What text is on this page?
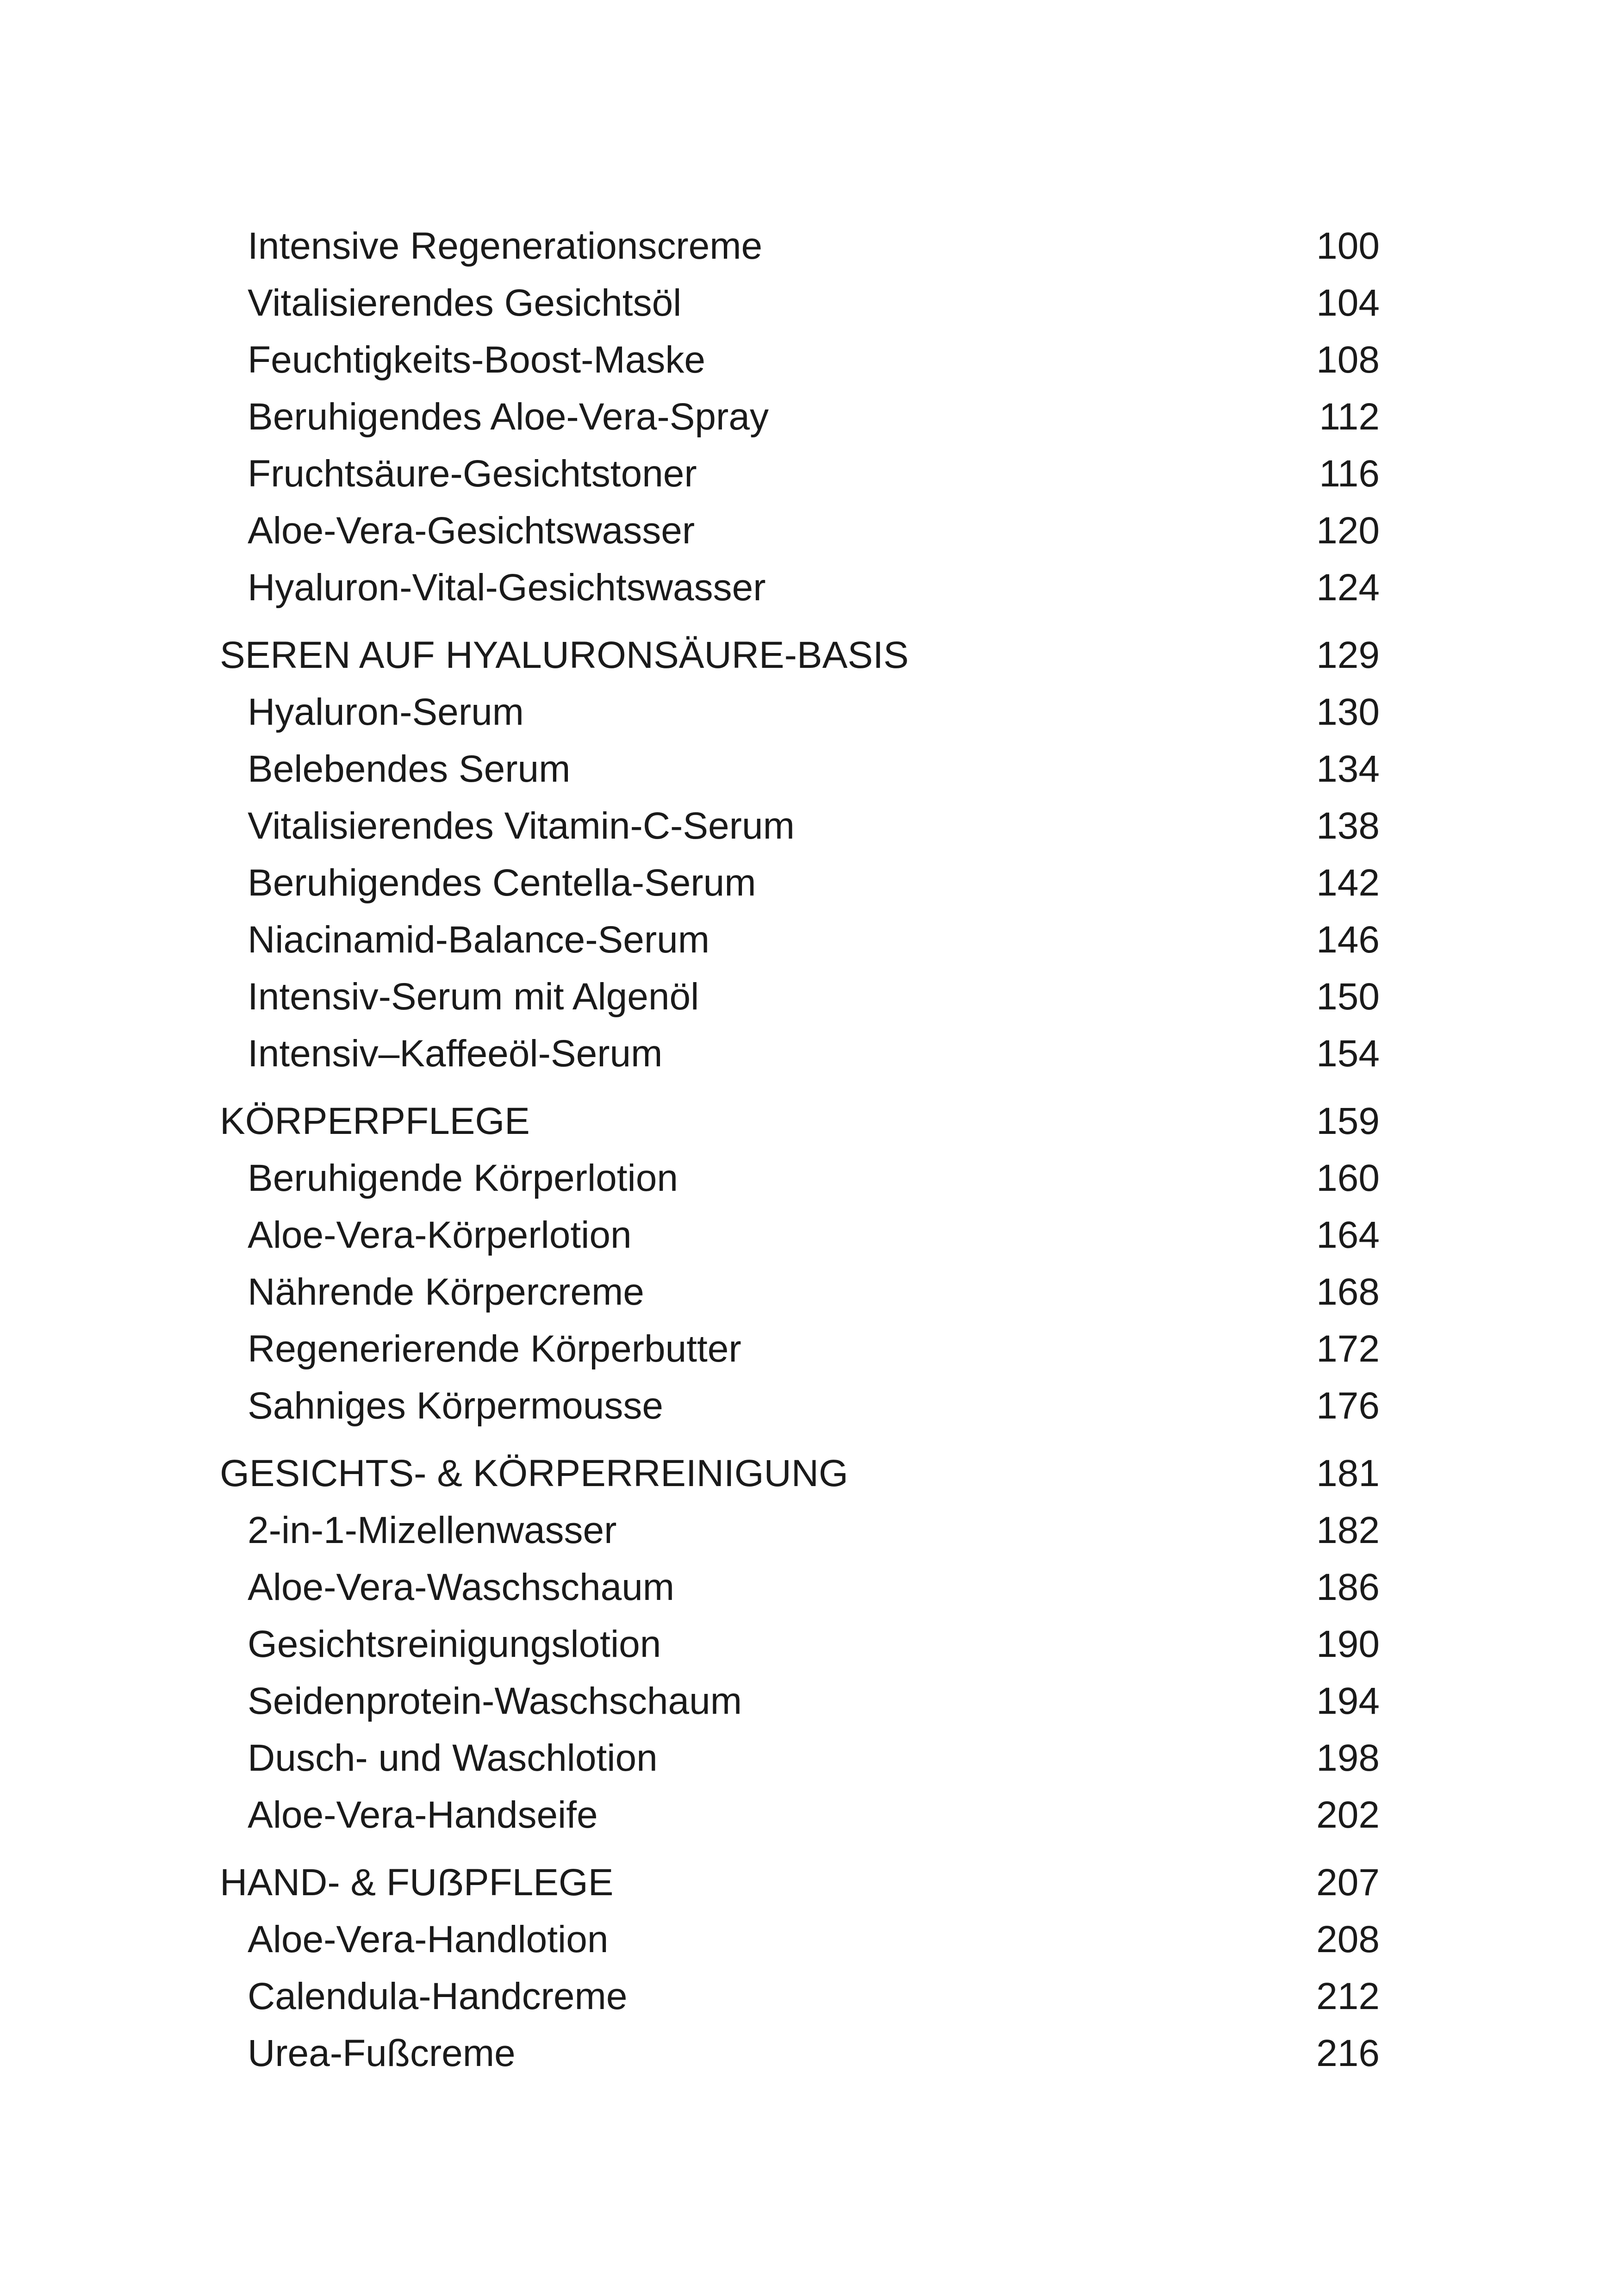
Intensive Regenerationscreme	100
Vitalisierendes Gesichtsöl	104
Feuchtigkeits-Boost-Maske	108
Beruhigendes Aloe-Vera-Spray	112
Fruchtsäure-Gesichtstoner	116
Aloe-Vera-Gesichtswasser	120
Hyaluron-Vital-Gesichtswasser	124
SEREN AUF HYALURONSÄURE-BASIS	129
Hyaluron-Serum	130
Belebendes Serum	134
Vitalisierendes Vitamin-C-Serum	138
Beruhigendes Centella-Serum	142
Niacinamid-Balance-Serum	146
Intensiv-Serum mit Algenöl	150
Intensiv–Kaffeeöl-Serum	154
KÖRPERPFLEGE	159
Beruhigende Körperlotion	160
Aloe-Vera-Körperlotion	164
Nährende Körpercreme	168
Regenerierende Körperbutter	172
Sahniges Körpermousse	176
GESICHTS- & KÖRPERREINIGUNG	181
2-in-1-Mizellenwasser	182
Aloe-Vera-Waschschaum	186
Gesichtsreinigungslotion	190
Seidenprotein-Waschschaum	194
Dusch- und Waschlotion	198
Aloe-Vera-Handseife	202
HAND- & FUẞPFLEGE	207
Aloe-Vera-Handlotion	208
Calendula-Handcreme	212
Urea-Fußcreme	216
